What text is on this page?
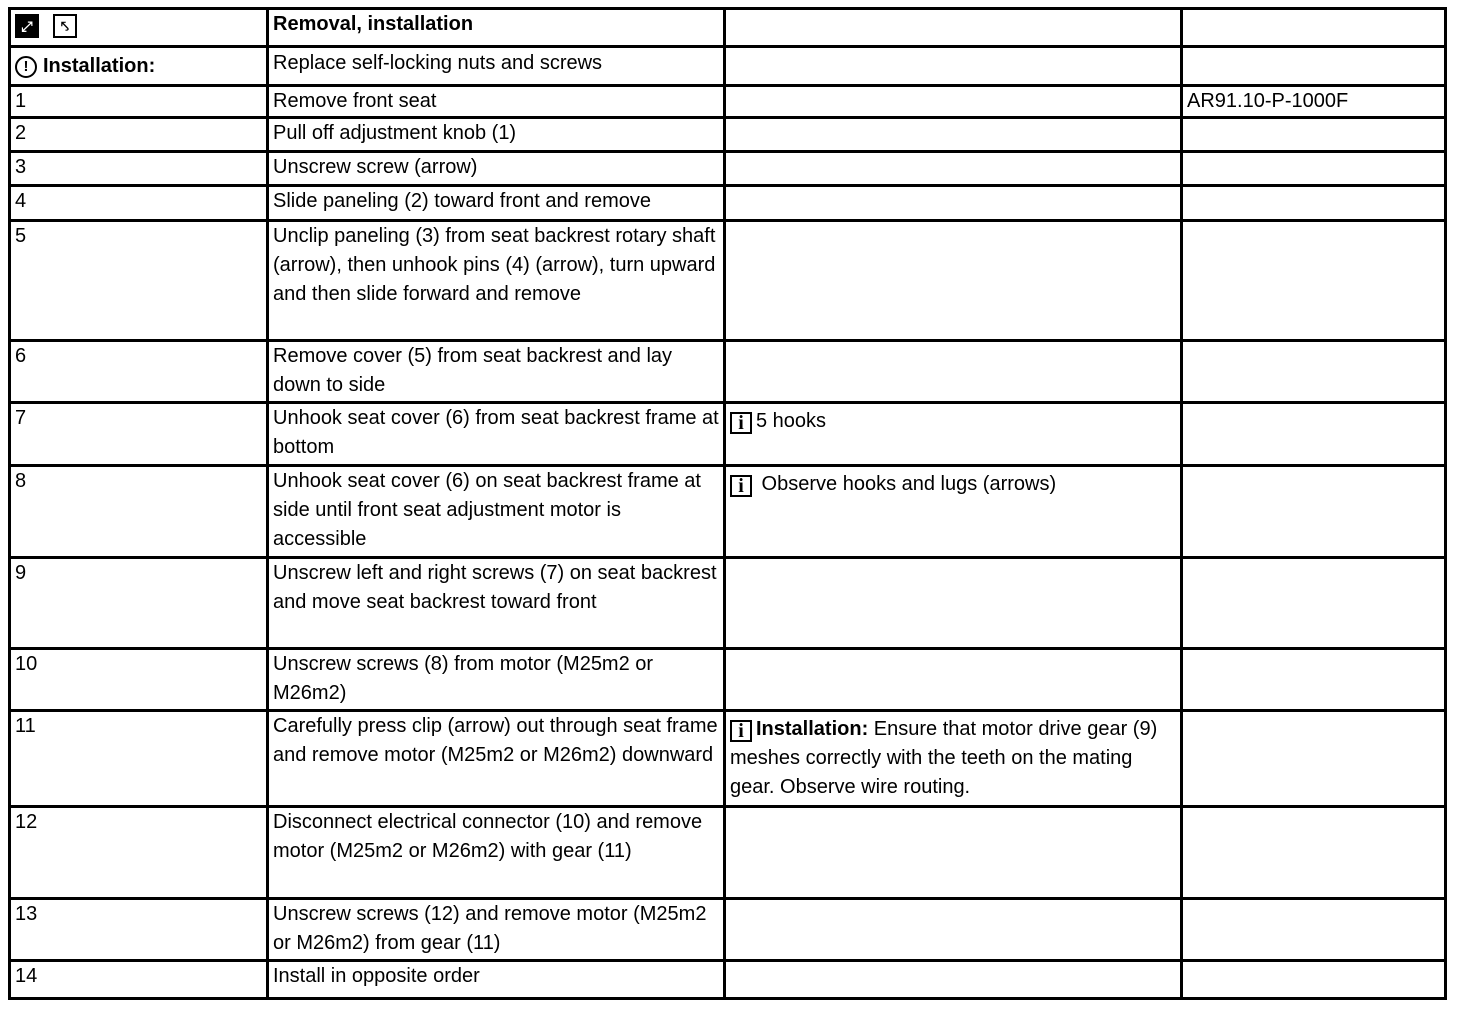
⤢ ⤣	Removal, installation		
! Installation:	Replace self-locking nuts and screws		
1	Remove front seat		AR91.10-P-1000F
2	Pull off adjustment knob (1)		
3	Unscrew screw (arrow)		
4	Slide paneling (2) toward front and remove		
5	Unclip paneling (3) from seat backrest rotary shaft (arrow), then unhook pins (4) (arrow), turn upward and then slide forward and remove		
6	Remove cover (5) from seat backrest and lay down to side		
7	Unhook seat cover (6) from seat backrest frame at bottom	i 5 hooks	
8	Unhook seat cover (6) on seat backrest frame at side until front seat adjustment motor is accessible	i Observe hooks and lugs (arrows)	
9	Unscrew left and right screws (7) on seat backrest and move seat backrest toward front		
10	Unscrew screws (8) from motor (M25m2 or M26m2)		
11	Carefully press clip (arrow) out through seat frame and remove motor (M25m2 or M26m2) downward	i Installation: Ensure that motor drive gear (9) meshes correctly with the teeth on the mating gear. Observe wire routing.	
12	Disconnect electrical connector (10) and remove motor (M25m2 or M26m2) with gear (11)		
13	Unscrew screws (12) and remove motor (M25m2 or M26m2) from gear (11)		
14	Install in opposite order		
